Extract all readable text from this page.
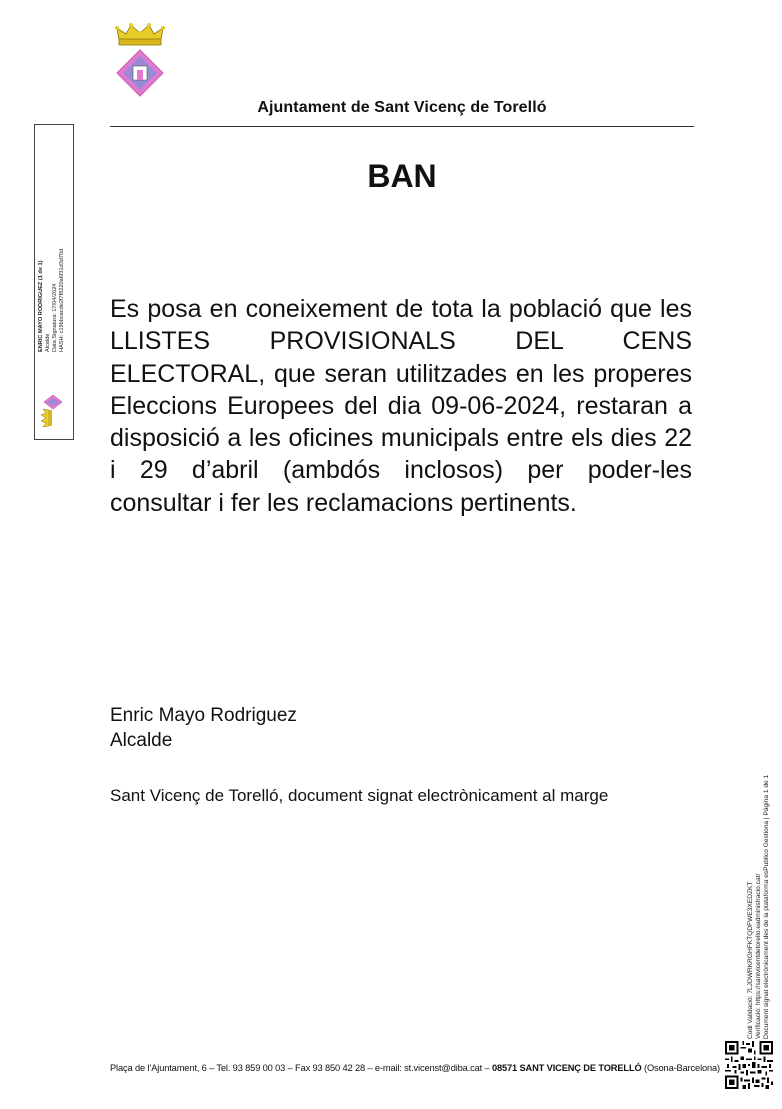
Ajuntament de Sant Vicenç de Torelló
BAN
Es posa en coneixement de tota la població que les LLISTES PROVISIONALS DEL CENS ELECTORAL, que seran utilitzades en les properes Eleccions Europees del dia 09-06-2024, restaran a disposició a les oficines municipals entre els dies 22 i 29 d’abril (ambdós inclosos) per poder-les consultar i fer les reclamacions pertinents.
Enric Mayo Rodriguez
Alcalde
Sant Vicenç de Torelló, document signat electrònicament al marge
Plaça de l’Ajuntament, 6 – Tel. 93 859 00 03 – Fax 93 850 42 28 – e-mail: st.vicenst@diba.cat – 08571 SANT VICENÇ DE TORELLÓ (Osona-Barcelona)
ENRIC MAYO RODRIGUEZ (1 de 1) Alcalde Data Signatura: 17/04/2024 HASH: c19bbcacde2f7f8220a6f31d3d70d
Codi Validació: 7LJDWRKRGHFKTQDFWE3XEDZKT Verificació: https://santvicentdetorello.eadministracio.cat/ Document signat electrònicament des de la plataforma esPublico Gestiona | Pàgina 1 de 1
